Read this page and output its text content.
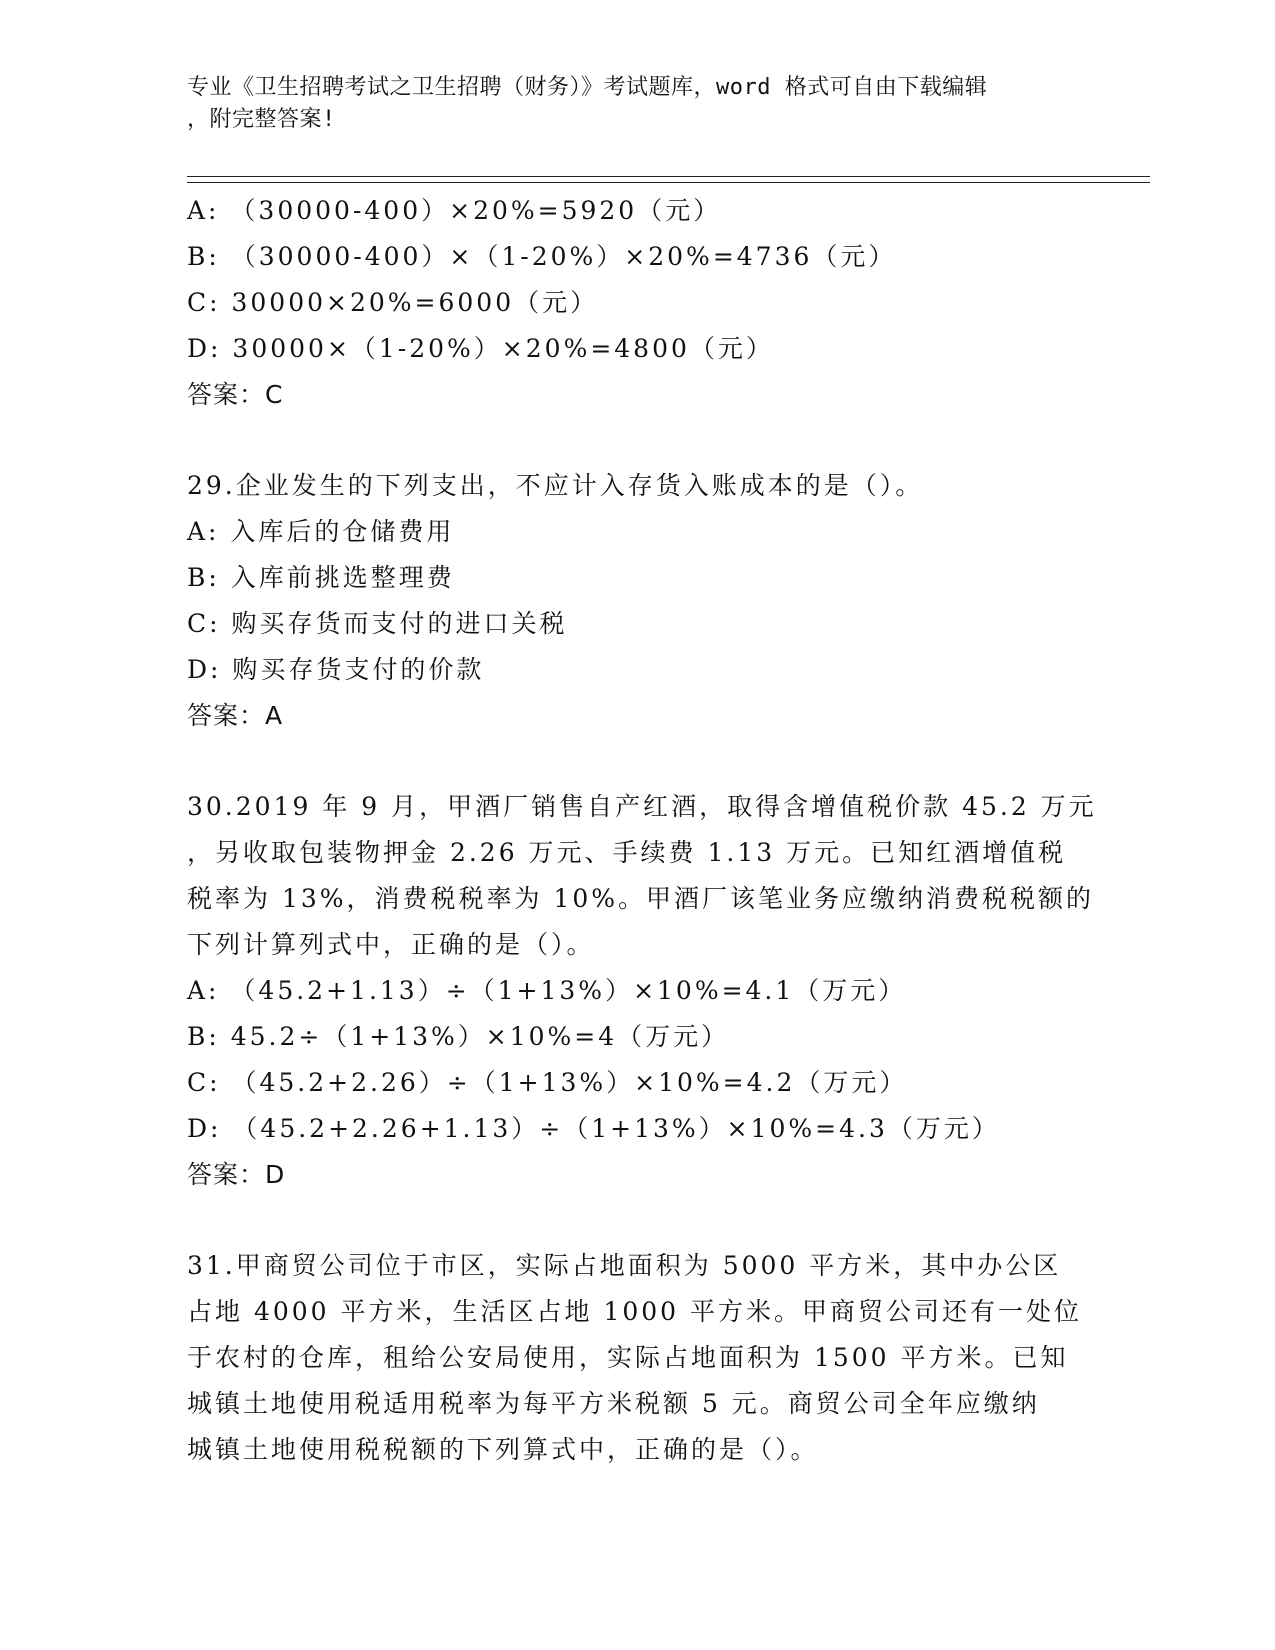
专业《卫生招聘考试之卫生招聘（财务）》考试题库，word 格式可自由下载编辑
，附完整答案!
A: （30000-400）×20%=5920（元）
B: （30000-400）×（1-20%）×20%=4736（元）
C: 30000×20%=6000（元）
D: 30000×（1-20%）×20%=4800（元）
答案：C
29.企业发生的下列支出，不应计入存货入账成本的是（）。
A: 入库后的仓储费用
B: 入库前挑选整理费
C: 购买存货而支付的进口关税
D: 购买存货支付的价款
答案：A
30.2019 年 9 月，甲酒厂销售自产红酒，取得含增值税价款 45.2 万元
，另收取包装物押金 2.26 万元、手续费 1.13 万元。已知红酒增值税
税率为 13%，消费税税率为 10%。甲酒厂该笔业务应缴纳消费税税额的
下列计算列式中，正确的是（）。
A: （45.2+1.13）÷（1+13%）×10%=4.1（万元）
B: 45.2÷（1+13%）×10%=4（万元）
C: （45.2+2.26）÷（1+13%）×10%=4.2（万元）
D: （45.2+2.26+1.13）÷（1+13%）×10%=4.3（万元）
答案：D
31.甲商贸公司位于市区，实际占地面积为 5000 平方米，其中办公区
占地 4000 平方米，生活区占地 1000 平方米。甲商贸公司还有一处位
于农村的仓库，租给公安局使用，实际占地面积为 1500 平方米。已知
城镇土地使用税适用税率为每平方米税额 5 元。商贸公司全年应缴纳
城镇土地使用税税额的下列算式中，正确的是（）。
